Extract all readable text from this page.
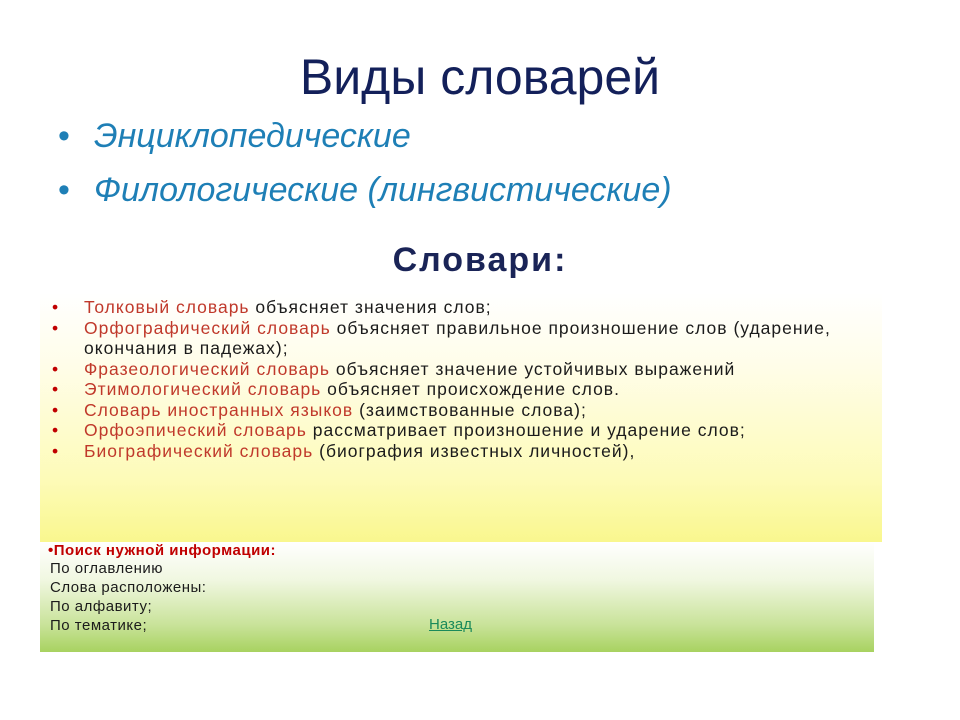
Виды словарей
• Энциклопедические
• Филологические (лингвистические)
Словари:
• Толковый словарь объясняет значения слов;
• Орфографический словарь объясняет правильное произношение слов (ударение, окончания в падежах);
• Фразеологический словарь объясняет значение устойчивых выражений
• Этимологический словарь объясняет происхождение слов.
• Словарь иностранных языков (заимствованные слова);
• Орфоэпический словарь рассматривает произношение и ударение слов;
• Биографический словарь (биография известных личностей),
•Поиск нужной информации:
По оглавлению
Слова расположены:
По алфавиту;
По тематике;	Назад
